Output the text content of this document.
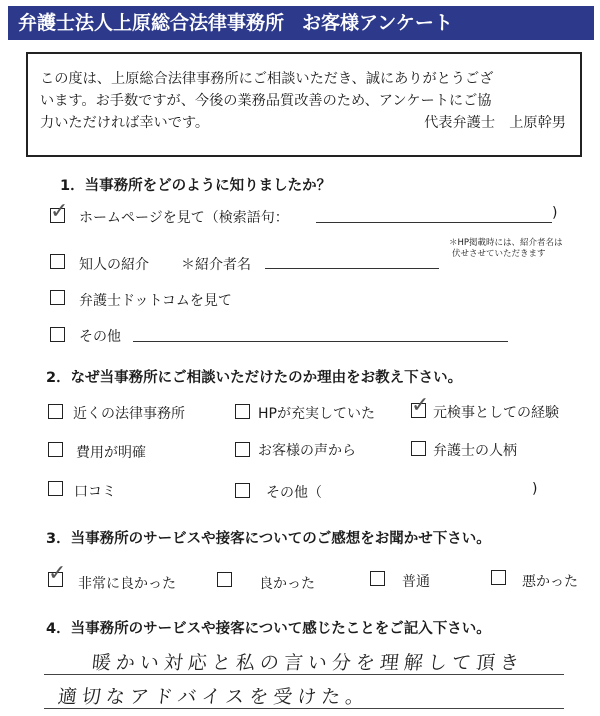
弁護士法人上原総合法律事務所 お客様アンケート
この度は、上原総合法律事務所にご相談いただき、誠にありがとうござ
います。お手数ですが、今後の業務品質改善のため、アンケートにご協
力いただければ幸いです。	代表弁護士　上原幹男
1．当事務所をどのように知りましたか？
✓ ホームページを見て（検索語句：	)
知人の紹介 ＊紹介者名
＊HP掲載時には、紹介者名は
伏せさせていただきます
弁護士ドットコムを見て
その他
2．なぜ当事務所にご相談いただけたのか理由をお教え下さい。
近くの法律事務所	HPが充実していた ✓ 元検事としての経験
費用が明確	お客様の声から	弁護士の人柄
口コミ	その他（	)
3．当事務所のサービスや接客についてのご感想をお聞かせ下さい。
✓ 非常に良かった	良かった	普通	悪かった
4．当事務所のサービスや接客について感じたことをご記入下さい。
暖かい対応と私の言い分を理解して頂き
適切なアドバイスを受けた。
